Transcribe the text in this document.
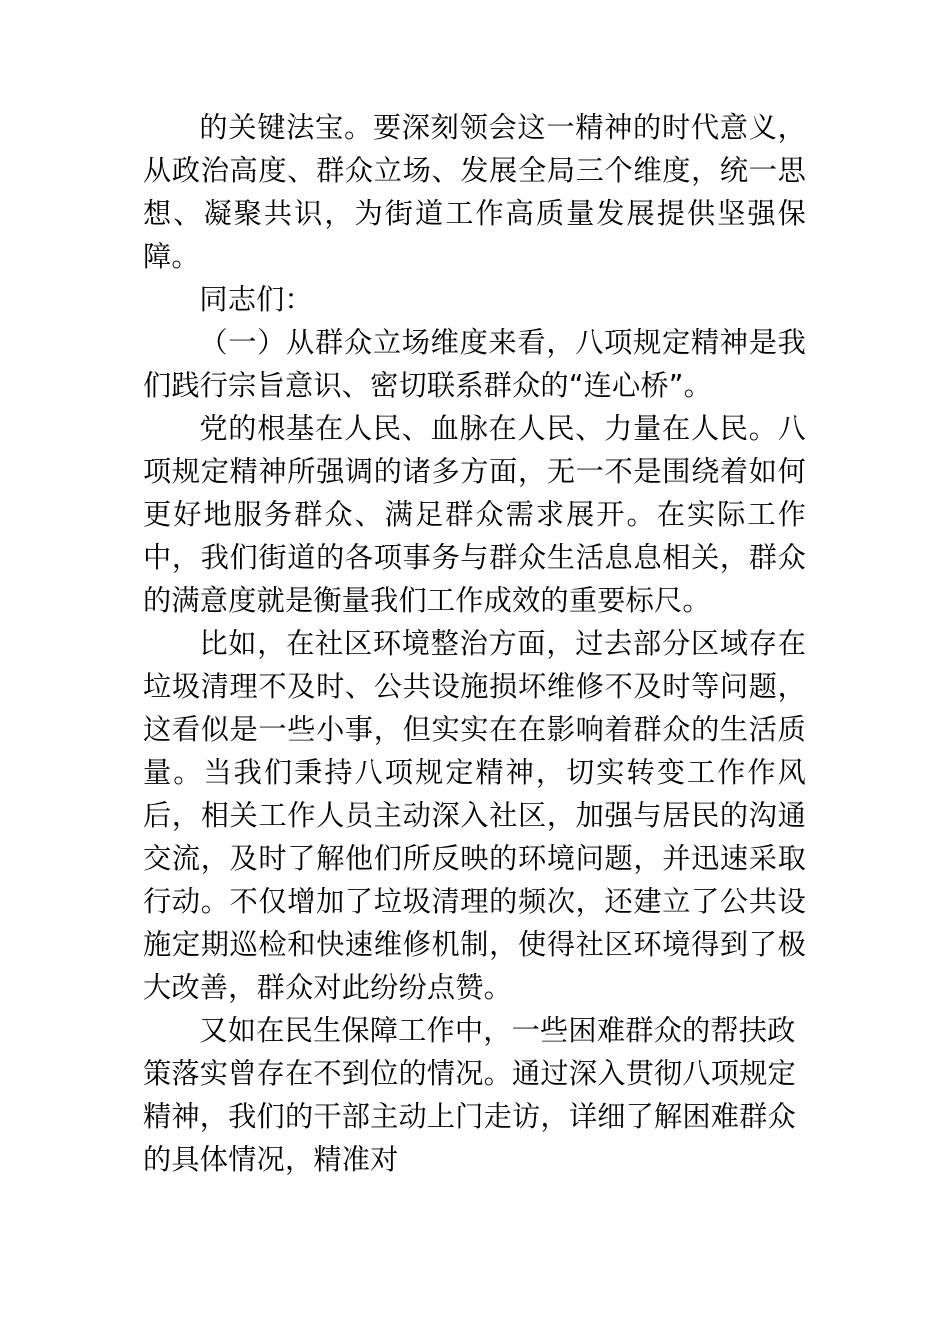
的关键法宝。要深刻领会这一精神的时代意义，从政治高度、群众立场、发展全局三个维度，统一思想、凝聚共识，为街道工作高质量发展提供坚强保障。

同志们：

（一）从群众立场维度来看，八项规定精神是我们践行宗旨意识、密切联系群众的“连心桥”。

党的根基在人民、血脉在人民、力量在人民。八项规定精神所强调的诸多方面，无一不是围绕着如何更好地服务群众、满足群众需求展开。在实际工作中，我们街道的各项事务与群众生活息息相关，群众的满意度就是衡量我们工作成效的重要标尺。

比如，在社区环境整治方面，过去部分区域存在垃圾清理不及时、公共设施损坏维修不及时等问题，这看似是一些小事，但实实在在影响着群众的生活质量。当我们秉持八项规定精神，切实转变工作作风后，相关工作人员主动深入社区，加强与居民的沟通交流，及时了解他们所反映的环境问题，并迅速采取行动。不仅增加了垃圾清理的频次，还建立了公共设施定期巡检和快速维修机制，使得社区环境得到了极大改善，群众对此纷纷点赞。

又如在民生保障工作中，一些困难群众的帮扶政策落实曾存在不到位的情况。通过深入贯彻八项规定精神，我们的干部主动上门走访，详细了解困难群众的具体情况，精准对
